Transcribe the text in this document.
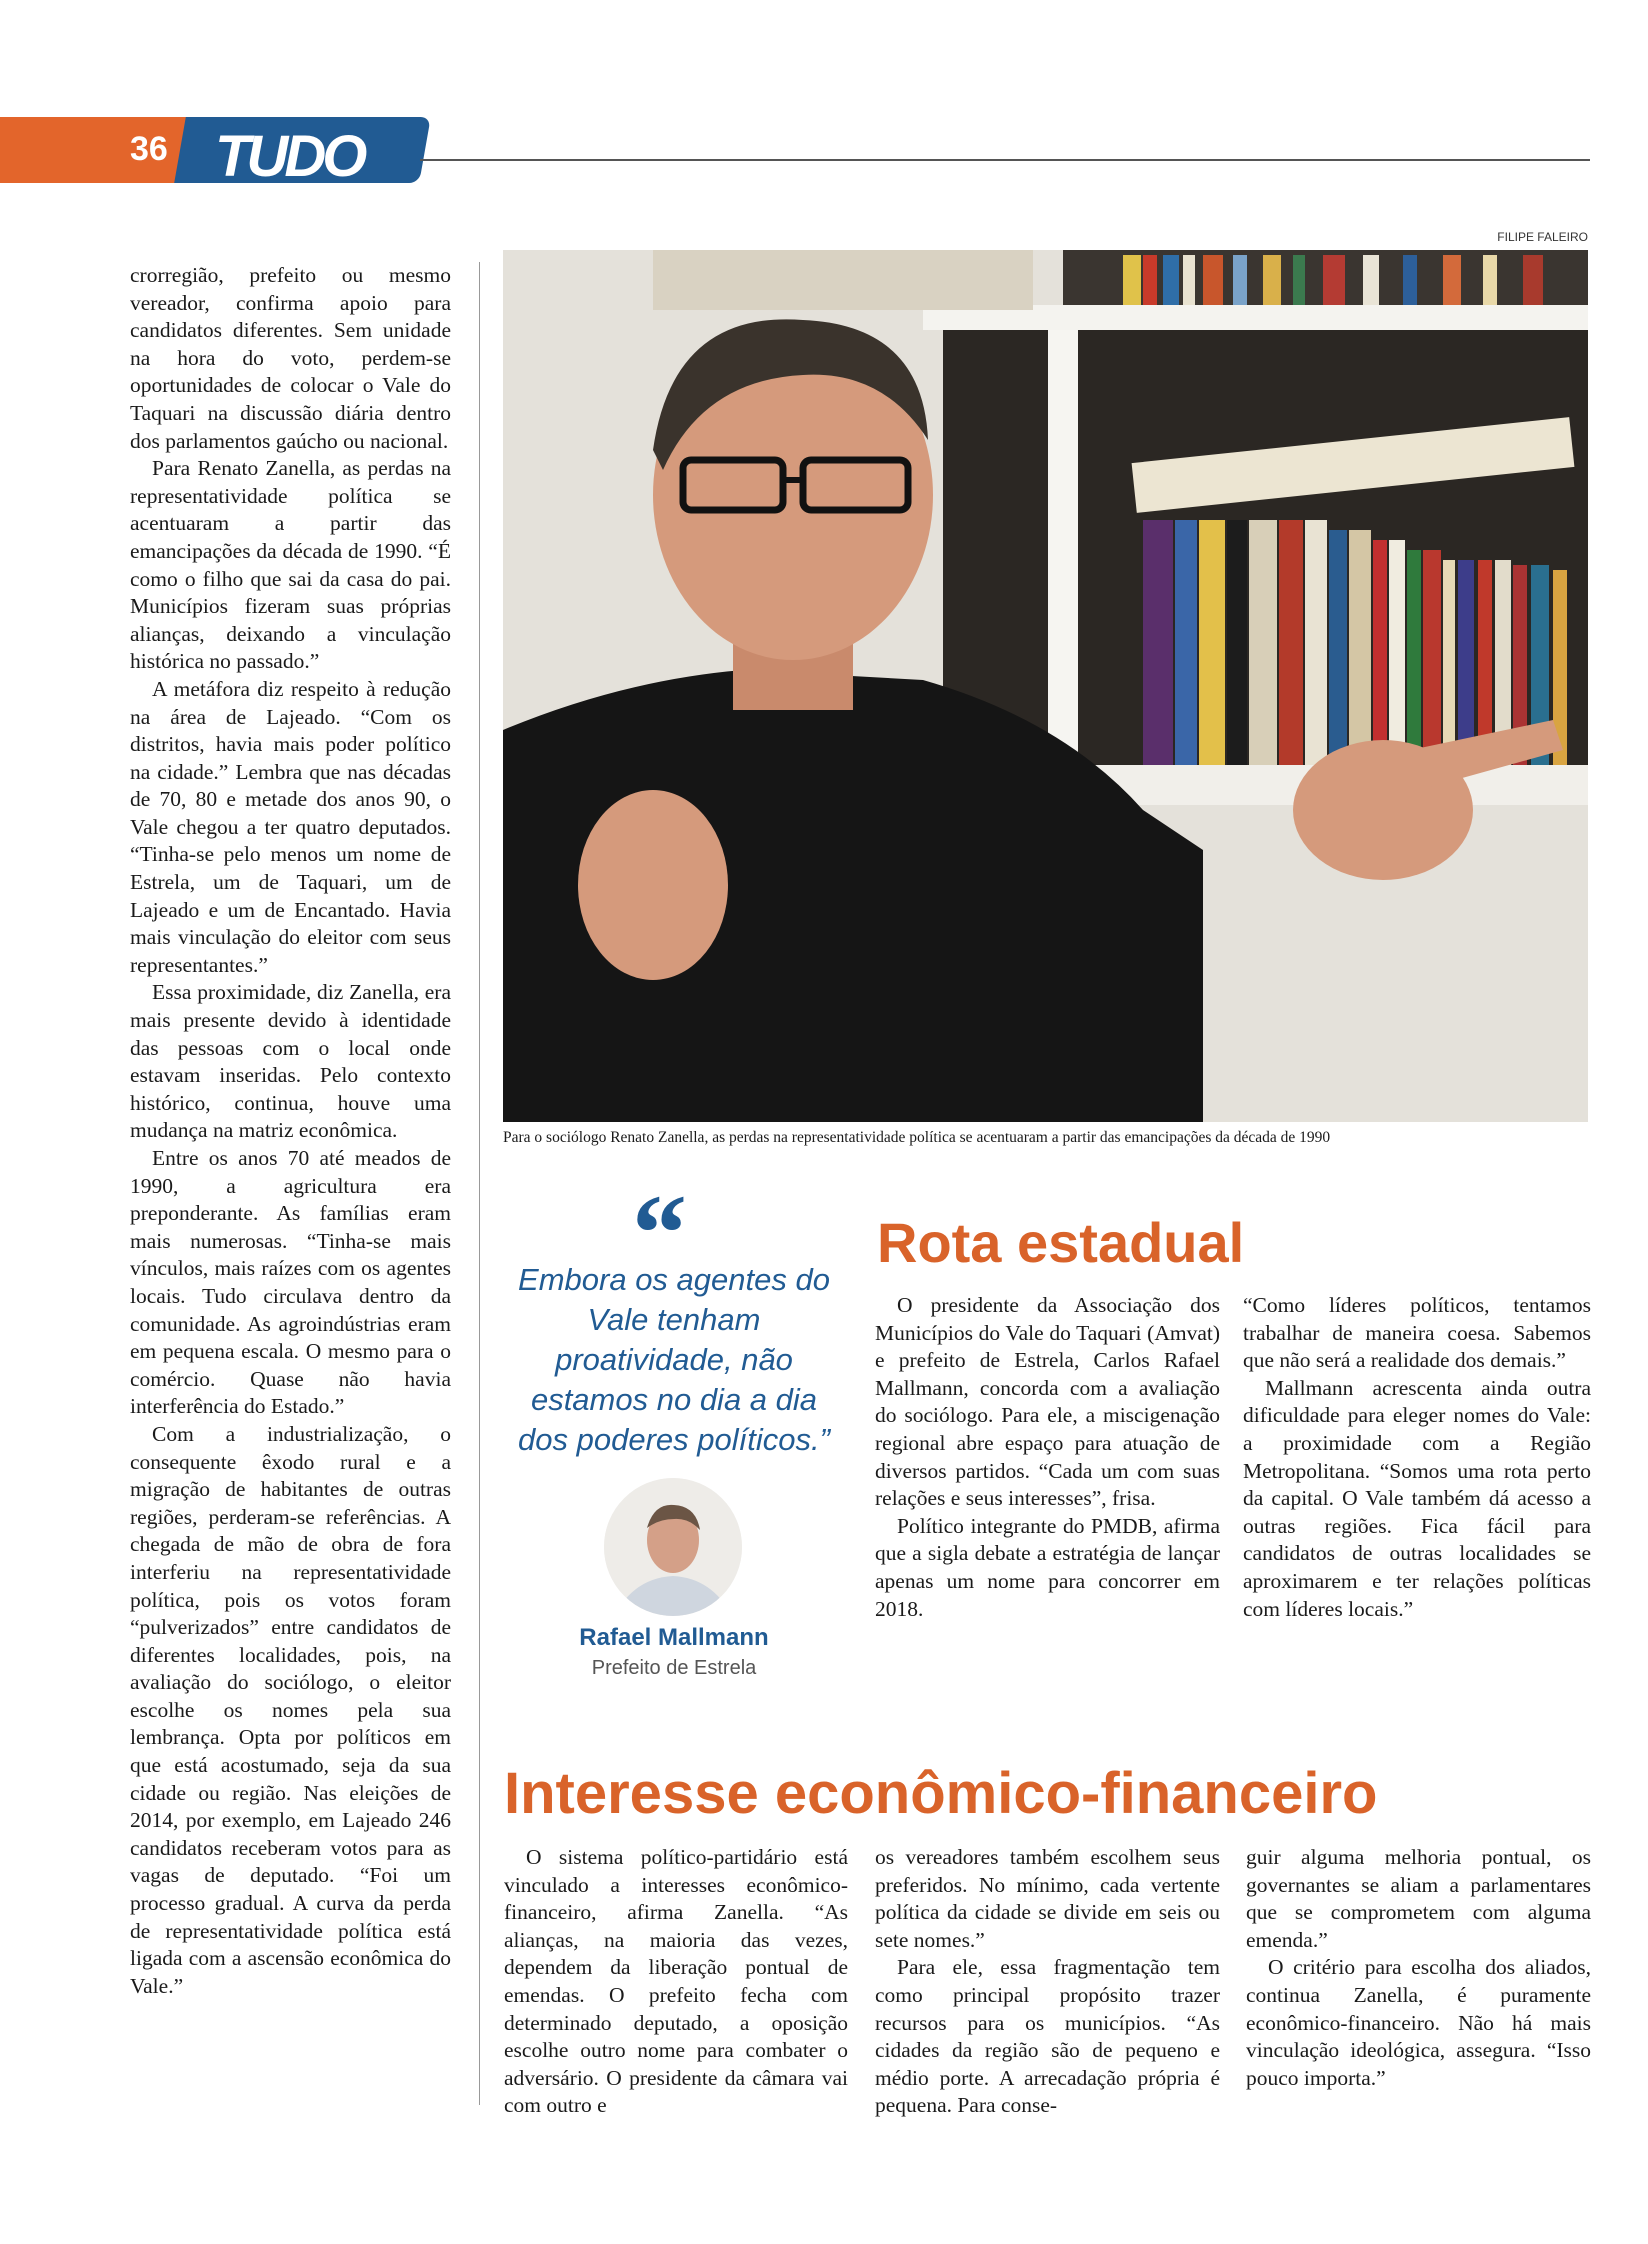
36 TUDO

crorregião, prefeito ou mesmo vereador, confirma apoio para candidatos diferentes. Sem unidade na hora do voto, perdem-se oportunidades de colocar o Vale do Taquari na discussão diária dentro dos parlamentos gaúcho ou nacional.

Para Renato Zanella, as perdas na representatividade política se acentuaram a partir das emancipações da década de 1990. “É como o filho que sai da casa do pai. Municípios fizeram suas próprias alianças, deixando a vinculação histórica no passado.”

A metáfora diz respeito à redução na área de Lajeado. “Com os distritos, havia mais poder político na cidade.” Lembra que nas décadas de 70, 80 e metade dos anos 90, o Vale chegou a ter quatro deputados. “Tinha-se pelo menos um nome de Estrela, um de Taquari, um de Lajeado e um de Encantado. Havia mais vinculação do eleitor com seus representantes.”

Essa proximidade, diz Zanella, era mais presente devido à identidade das pessoas com o local onde estavam inseridas. Pelo contexto histórico, continua, houve uma mudança na matriz econômica.

Entre os anos 70 até meados de 1990, a agricultura era preponderante. As famílias eram mais numerosas. “Tinha-se mais vínculos, mais raízes com os agentes locais. Tudo circulava dentro da comunidade. As agroindústrias eram em pequena escala. O mesmo para o comércio. Quase não havia interferência do Estado.”

Com a industrialização, o consequente êxodo rural e a migração de habitantes de outras regiões, perderam-se referências. A chegada de mão de obra de fora interferiu na representatividade política, pois os votos foram “pulverizados” entre candidatos de diferentes localidades, pois, na avaliação do sociólogo, o eleitor escolhe os nomes pela sua lembrança. Opta por políticos em que está acostumado, seja da sua cidade ou região. Nas eleições de 2014, por exemplo, em Lajeado 246 candidatos receberam votos para as vagas de deputado. “Foi um processo gradual. A curva da perda de representatividade política está ligada com a ascensão econômica do Vale.”

FILIPE FALEIRO
Para o sociólogo Renato Zanella, as perdas na representatividade política se acentuaram a partir das emancipações da década de 1990
“
Embora os agentes do Vale tenham proatividade, não estamos no dia a dia dos poderes políticos.”
Rafael Mallmann
Prefeito de Estrela
Rota estadual

O presidente da Associação dos Municípios do Vale do Taquari (Amvat) e prefeito de Estrela, Carlos Rafael Mallmann, concorda com a avaliação do sociólogo. Para ele, a miscigenação regional abre espaço para atuação de diversos partidos. “Cada um com suas relações e seus interesses”, frisa.

Político integrante do PMDB, afirma que a sigla debate a estratégia de lançar apenas um nome para concorrer em 2018.

“Como líderes políticos, tentamos trabalhar de maneira coesa. Sabemos que não será a realidade dos demais.”

Mallmann acrescenta ainda outra dificuldade para eleger nomes do Vale: a proximidade com a Região Metropolitana. “Somos uma rota perto da capital. O Vale também dá acesso a outras regiões. Fica fácil para candidatos de outras localidades se aproximarem e ter relações políticas com líderes locais.”

Interesse econômico-financeiro

O sistema político-partidário está vinculado a interesses econômico-financeiro, afirma Zanella. “As alianças, na maioria das vezes, dependem da liberação pontual de emendas. O prefeito fecha com determinado deputado, a oposição escolhe outro nome para combater o adversário. O presidente da câmara vai com outro e

os vereadores também escolhem seus preferidos. No mínimo, cada vertente política da cidade se divide em seis ou sete nomes.”

Para ele, essa fragmentação tem como principal propósito trazer recursos para os municípios. “As cidades da região são de pequeno e médio porte. A arrecadação própria é pequena. Para conse-

guir alguma melhoria pontual, os governantes se aliam a parlamentares que se comprometem com alguma emenda.”

O critério para escolha dos aliados, continua Zanella, é puramente econômico-financeiro. Não há mais vinculação ideológica, assegura. “Isso pouco importa.”
